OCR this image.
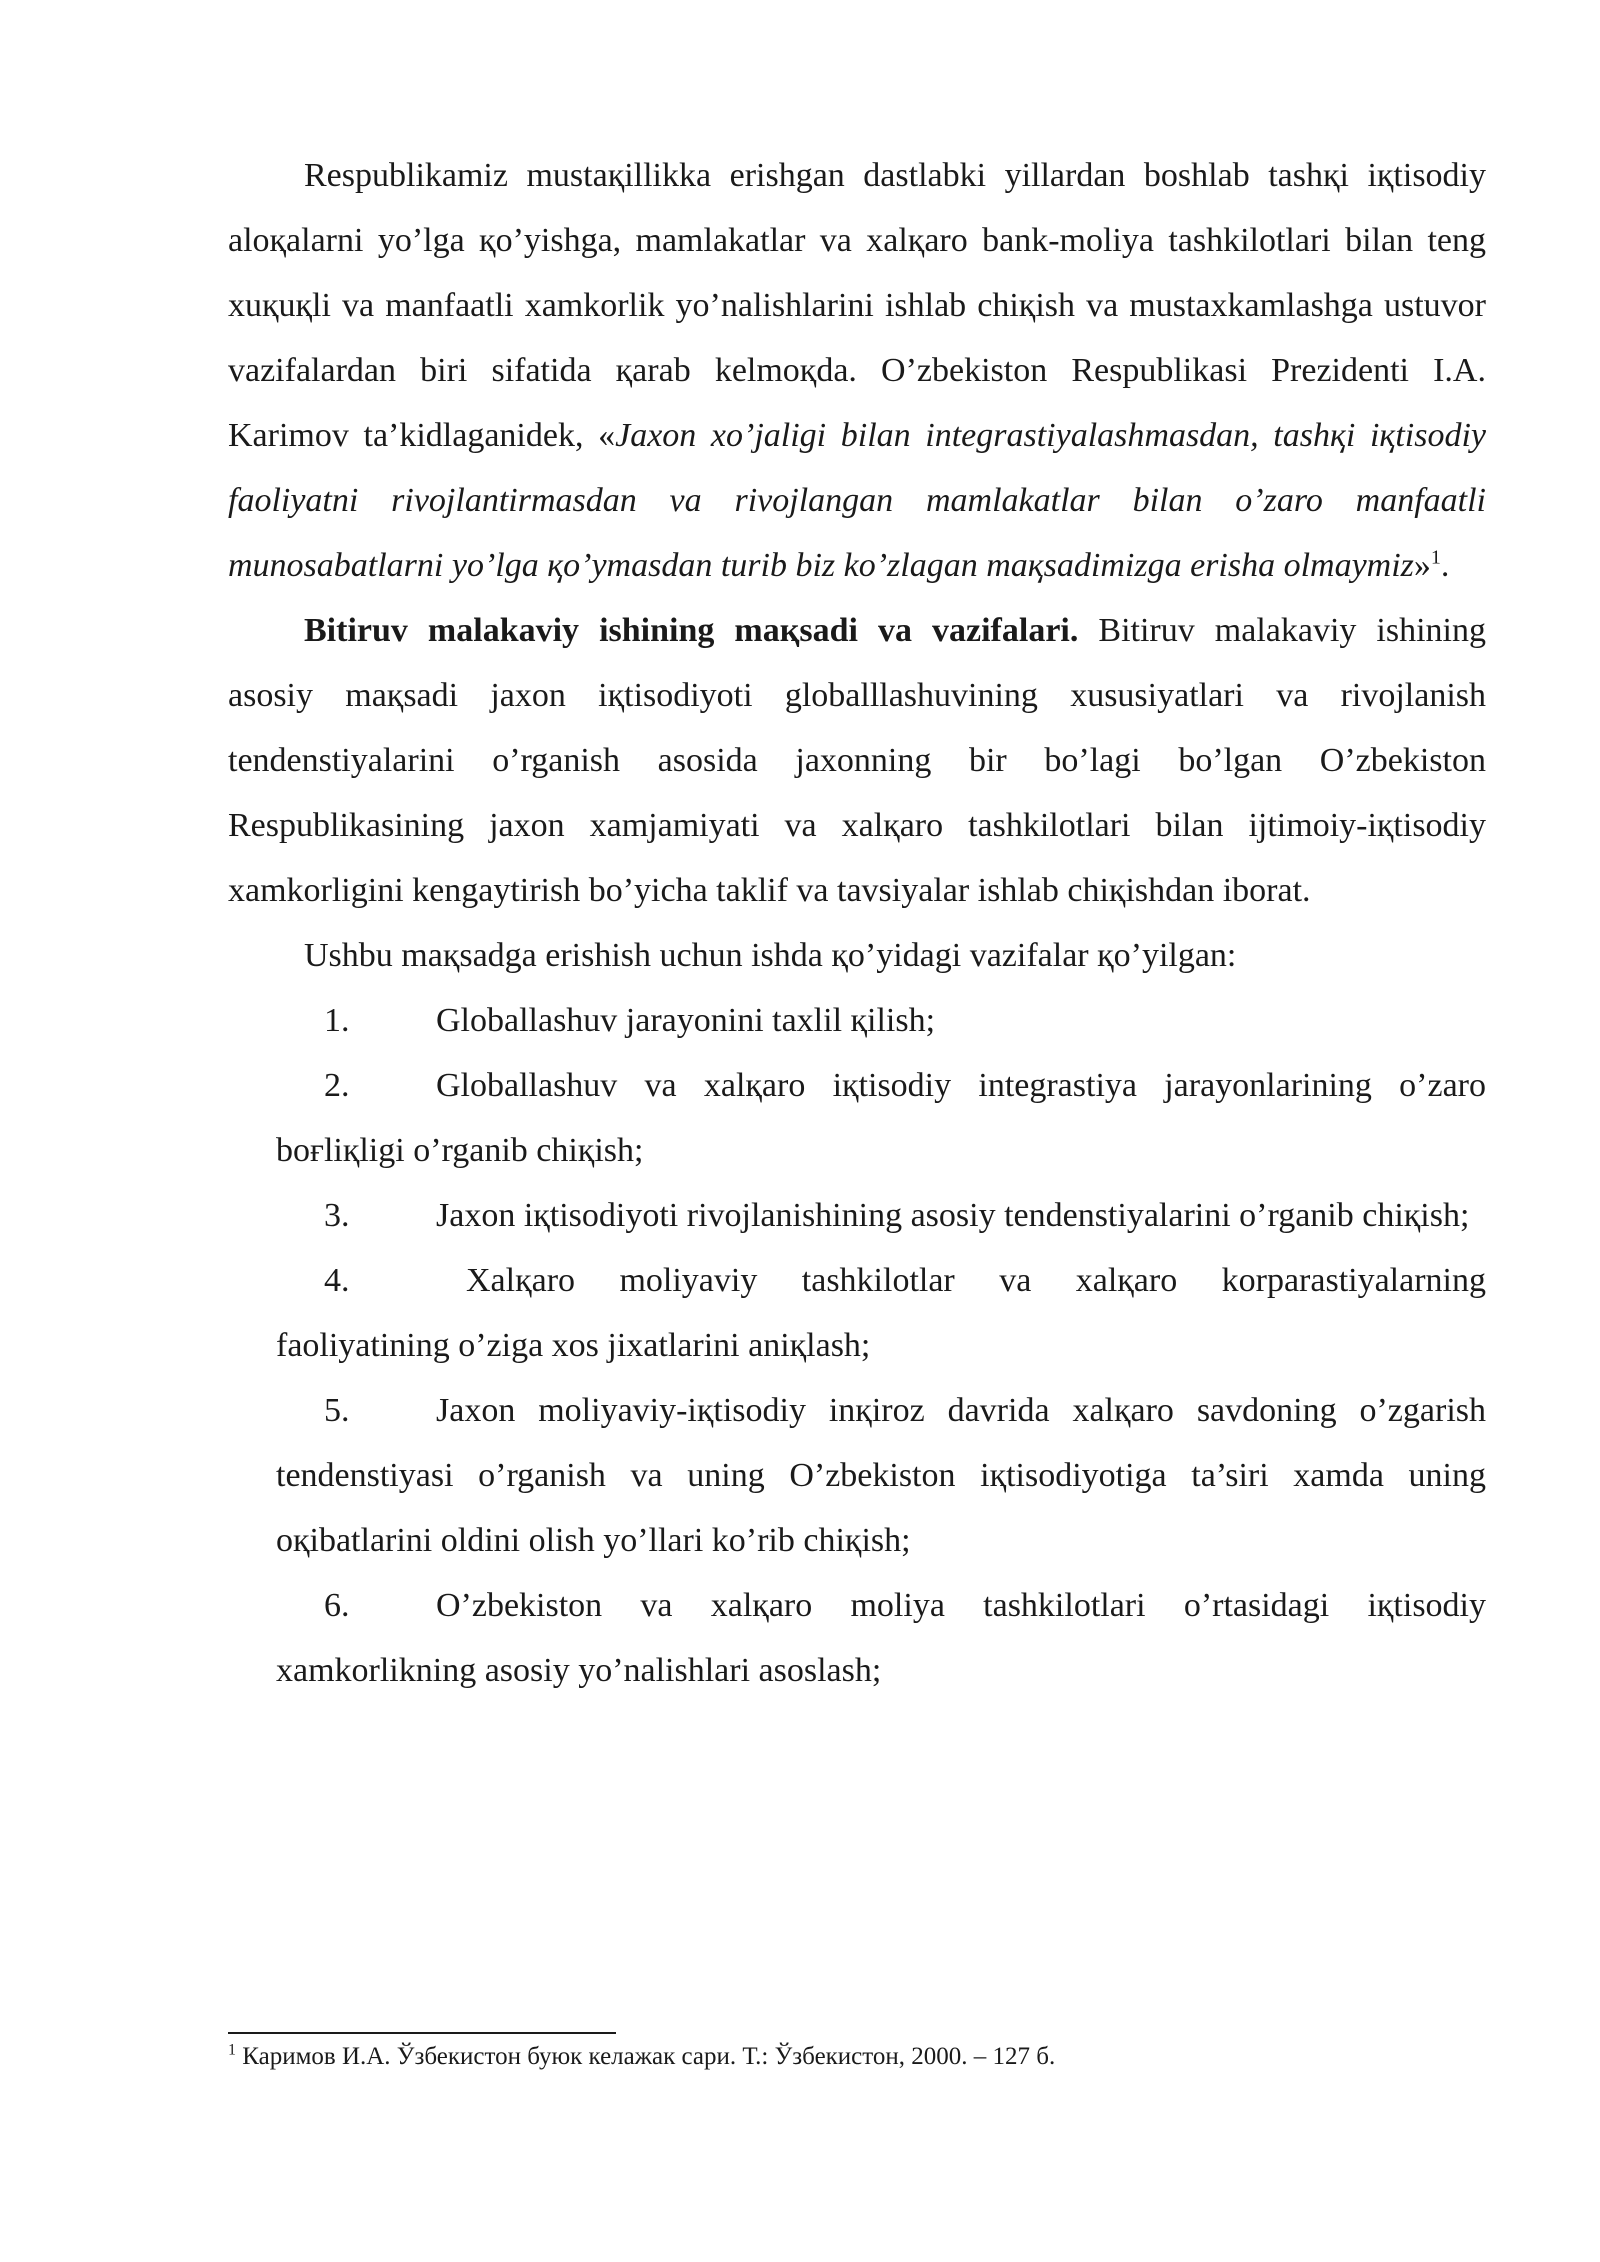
Respublikamiz mustaқillikka erishgan dastlabki yillardan boshlab tashқi iқtisodiy aloқalarni yo’lga қo’yishga, mamlakatlar va xalқaro bank-moliya tashkilotlari bilan teng xuқuқli va manfaatli xamkorlik yo’nalishlarini ishlab chiқish va mustaxkamlashga ustuvor vazifalardan biri sifatida қarab kelmoқda. O’zbekiston Respublikasi Prezidenti I.A. Karimov ta’kidlaganidek, «Jaxon xo’jaligi bilan integrastiyalashmasdan, tashқi iқtisodiy faoliyatni rivojlantirmasdan va rivojlangan mamlakatlar bilan o’zaro manfaatli munosabatlarni yo’lga қo’ymasdan turib biz ko’zlagan maқsadimizga erisha olmaymiz»$^1$.

Bitiruv malakaviy ishining maқsadi va vazifalari. Bitiruv malakaviy ishining asosiy maқsadi jaxon iқtisodiyoti globalllashuvining xususiyatlari va rivojlanish tendenstiyalarini o’rganish asosida jaxonning bir bo’lagi bo’lgan O’zbekiston Respublikasining jaxon xamjamiyati va xalқaro tashkilotlari bilan ijtimoiy-iқtisodiy xamkorligini kengaytirish bo’yicha taklif va tavsiyalar ishlab chiқishdan iborat.

Ushbu maқsadga erishish uchun ishda қo’yidagi vazifalar қo’yilgan:

1.	Globallashuv jarayonini taxlil қilish;
2.	Globallashuv va xalқaro iқtisodiy integrastiya jarayonlarining o’zaro boғliқligi o’rganib chiқish;
3.	Jaxon iқtisodiyoti rivojlanishining asosiy tendenstiyalarini o’rganib chiқish;
4.	Xalқaro moliyaviy tashkilotlar va xalқaro korparastiyalarning faoliyatining o’ziga xos jixatlarini aniқlash;
5.	Jaxon moliyaviy-iқtisodiy inқiroz davrida xalқaro savdoning o’zgarish tendenstiyasi o’rganish va uning O’zbekiston iқtisodiyotiga ta’siri xamda uning oқibatlarini oldini olish yo’llari ko’rib chiқish;
6.	O’zbekiston va xalқaro moliya tashkilotlari o’rtasidagi iқtisodiy xamkorlikning asosiy yo’nalishlari asoslash;
$^1$ Каримов И.А. Ўзбекистон буюк келажак сари. Т.: Ўзбекистон, 2000. – 127 б.
